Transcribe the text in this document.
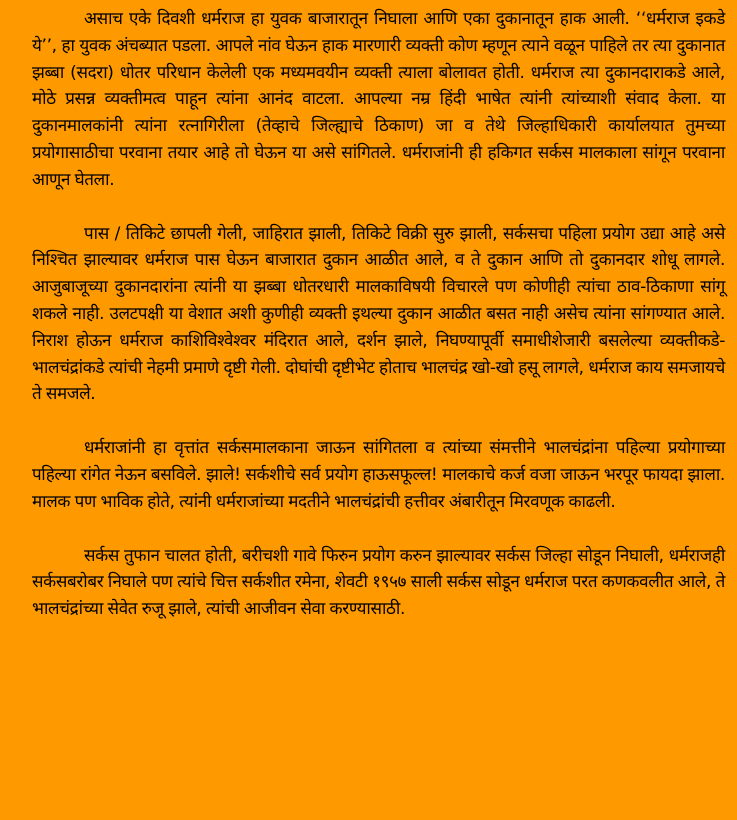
असाच एके दिवशी धर्मराज हा युवक बाजारातून निघाला आणि एका दुकानातून हाक आली. ‘‘धर्मराज इकडे ये’’, हा युवक अंचब्यात पडला. आपले नांव घेऊन हाक मारणारी व्यक्ती कोण म्हणून त्याने वळून पाहिले तर त्या दुकानात झब्बा (सदरा) धोतर परिधान केलेली एक मध्यमवयीन व्यक्ती त्याला बोलावत होती. धर्मराज त्या दुकानदाराकडे आले, मोठे प्रसन्न व्यक्तीमत्व पाहून त्यांना आनंद वाटला. आपल्या नम्र हिंदी भाषेत त्यांनी त्यांच्याशी संवाद केला. या दुकानमालकांनी त्यांना रत्नागिरीला (तेव्हाचे जिल्ह्याचे ठिकाण) जा व तेथे जिल्हाधिकारी कार्यालयात तुमच्या प्रयोगासाठीचा परवाना तयार आहे तो घेऊन या असे सांगितले. धर्मराजांनी ही हकिगत सर्कस मालकाला सांगून परवाना आणून घेतला.

पास / तिकिटे छापली गेली, जाहिरात झाली, तिकिटे विक्री सुरु झाली, सर्कसचा पहिला प्रयोग उद्या आहे असे निश्चित झाल्यावर धर्मराज पास घेऊन बाजारात दुकान आळीत आले, व ते दुकान आणि तो दुकानदार शोधू लागले. आजुबाजूच्या दुकानदारांना त्यांनी या झब्बा धोतरधारी मालकाविषयी विचारले पण कोणीही त्यांचा ठाव-ठिकाणा सांगू शकले नाही. उलटपक्षी या वेशात अशी कुणीही व्यक्ती इथल्या दुकान आळीत बसत नाही असेच त्यांना सांगण्यात आले. निराश होऊन धर्मराज काशिविश्वेश्वर मंदिरात आले, दर्शन झाले, निघण्यापूर्वी समाधीशेजारी बसलेल्या व्यक्तीकडे-भालचंद्रांकडे त्यांची नेहमी प्रमाणे दृष्टी गेली. दोघांची दृष्टीभेट होताच भालचंद्र खो-खो हसू लागले, धर्मराज काय समजायचे ते समजले.

धर्मराजांनी हा वृत्तांत सर्कसमालकाना जाऊन सांगितला व त्यांच्या संमत्तीने भालचंद्रांना पहिल्या प्रयोगाच्या पहिल्या रांगेत नेऊन बसविले. झाले! सर्कशीचे सर्व प्रयोग हाऊसफूल्ल! मालकाचे कर्ज वजा जाऊन भरपूर फायदा झाला. मालक पण भाविक होते, त्यांनी धर्मराजांच्या मदतीने भालचंद्रांची हत्तीवर अंबारीतून मिरवणूक काढली.

सर्कस तुफान चालत होती, बरीचशी गावे फिरुन प्रयोग करुन झाल्यावर सर्कस जिल्हा सोडून निघाली, धर्मराजही सर्कसबरोबर निघाले पण त्यांचे चित्त सर्कशीत रमेना, शेवटी १९५७ साली सर्कस सोडून धर्मराज परत कणकवलीत आले, ते भालचंद्रांच्या सेवेत रुजू झाले, त्यांची आजीवन सेवा करण्यासाठी.
